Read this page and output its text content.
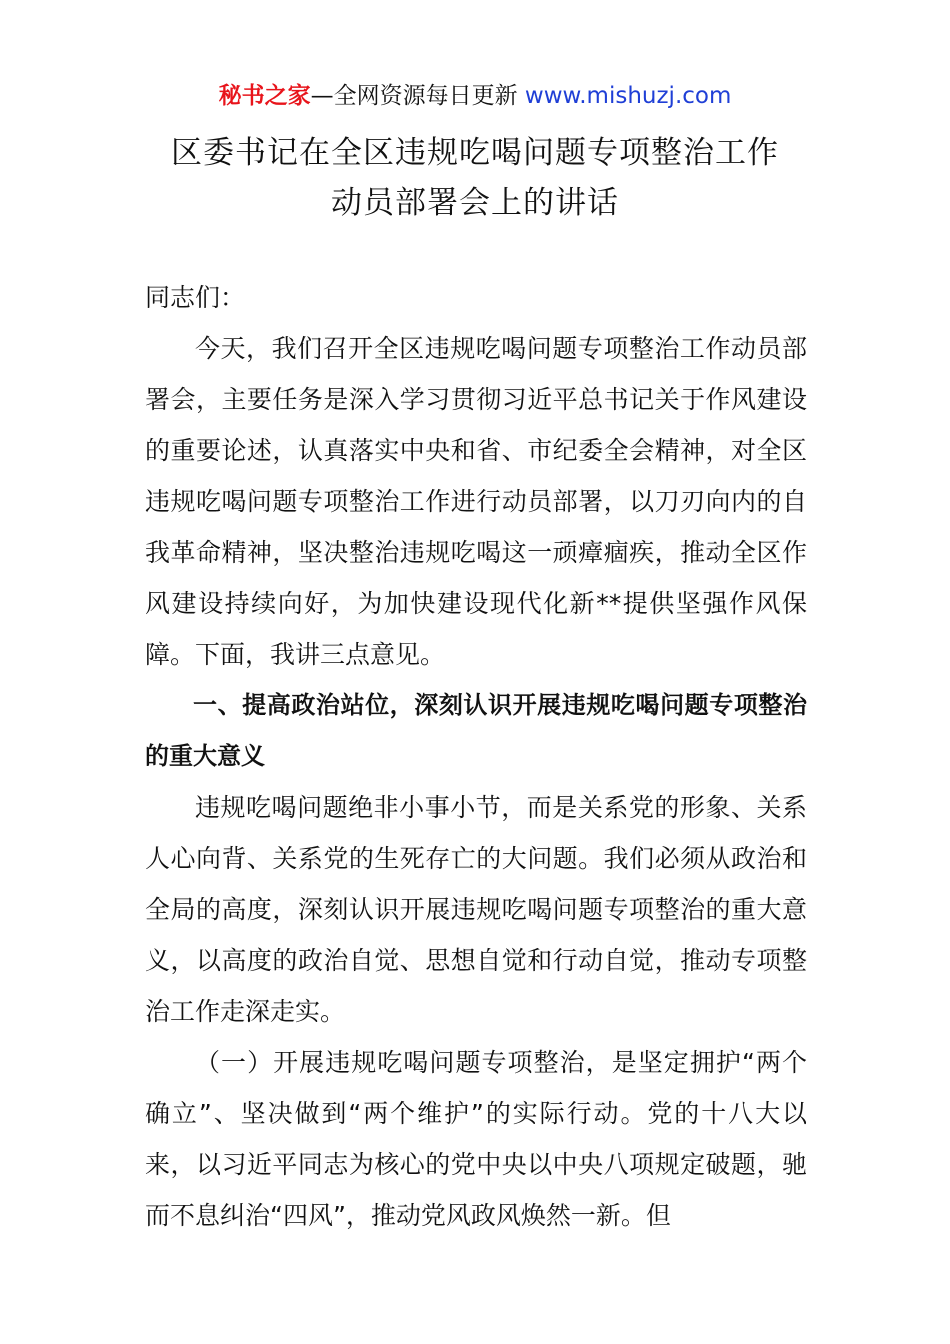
秘书之家—全网资源每日更新 www.mishuzj.com
区委书记在全区违规吃喝问题专项整治工作
动员部署会上的讲话

同志们：

今天，我们召开全区违规吃喝问题专项整治工作动员部署会，主要任务是深入学习贯彻习近平总书记关于作风建设的重要论述，认真落实中央和省、市纪委全会精神，对全区违规吃喝问题专项整治工作进行动员部署，以刀刃向内的自我革命精神，坚决整治违规吃喝这一顽瘴痼疾，推动全区作风建设持续向好，为加快建设现代化新**提供坚强作风保障。下面，我讲三点意见。

一、提高政治站位，深刻认识开展违规吃喝问题专项整治的重大意义

违规吃喝问题绝非小事小节，而是关系党的形象、关系人心向背、关系党的生死存亡的大问题。我们必须从政治和全局的高度，深刻认识开展违规吃喝问题专项整治的重大意义，以高度的政治自觉、思想自觉和行动自觉，推动专项整治工作走深走实。

（一）开展违规吃喝问题专项整治，是坚定拥护“两个确立”、坚决做到“两个维护”的实际行动。党的十八大以来，以习近平同志为核心的党中央以中央八项规定破题，驰而不息纠治“四风”，推动党风政风焕然一新。但
